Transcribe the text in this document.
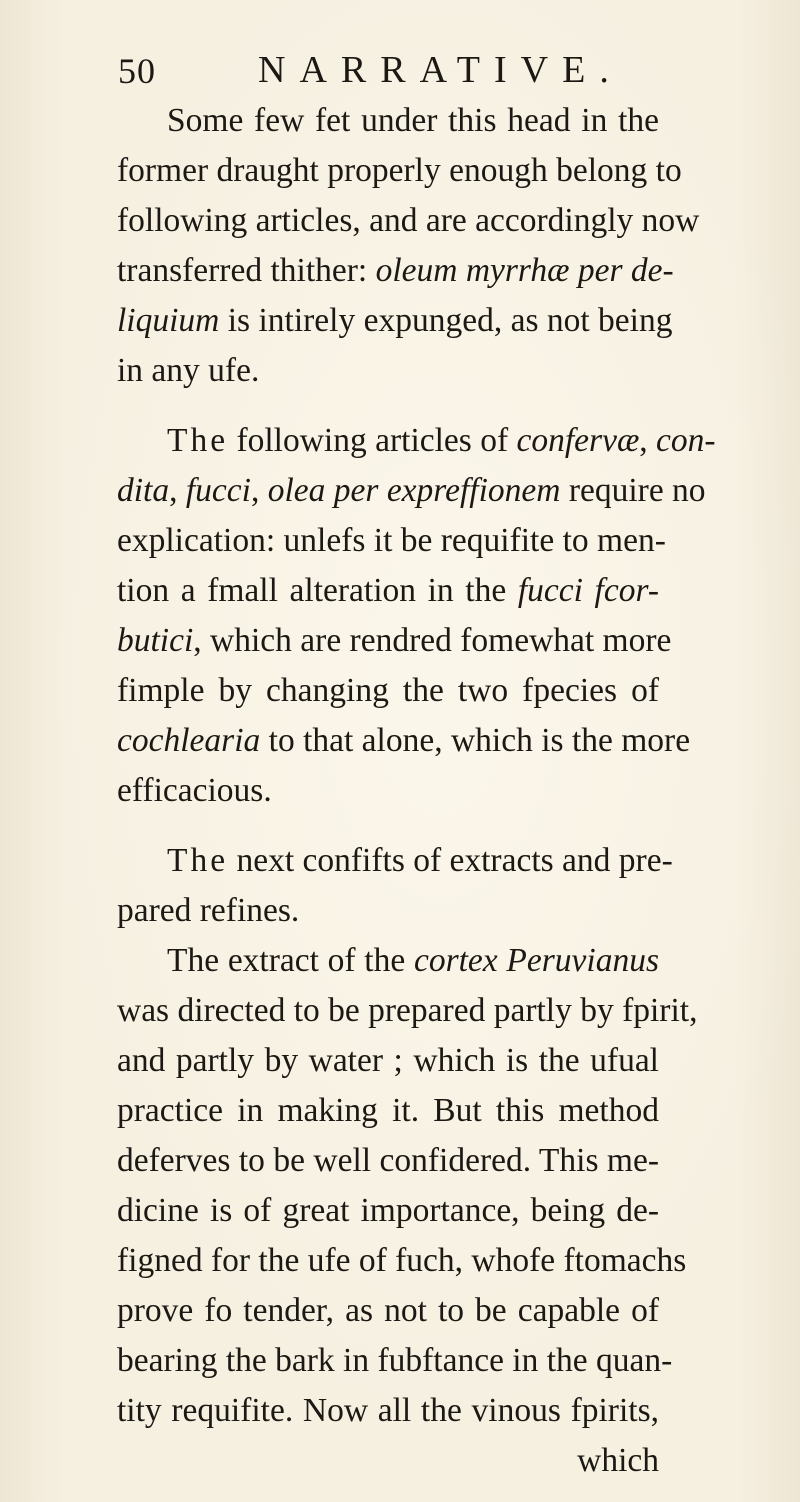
50	NARRATIVE.
Some few fet under this head in the
former draught properly enough belong to
following articles, and are accordingly now
transferred thither: oleum myrrhæ per de-
liquium is intirely expunged, as not being
in any ufe.
The following articles of confervæ, con-
dita, fucci, olea per expreffionem require no
explication: unlefs it be requifite to men-
tion a fmall alteration in the fucci fcor-
butici, which are rendred fomewhat more
fimple by changing the two fpecies of
cochlearia to that alone, which is the more
efficacious.
The next confifts of extracts and pre-
pared refines.
The extract of the cortex Peruvianus
was directed to be prepared partly by fpirit,
and partly by water ; which is the ufual
practice in making it. But this method
deferves to be well confidered. This me-
dicine is of great importance, being de-
figned for the ufe of fuch, whofe ftomachs
prove fo tender, as not to be capable of
bearing the bark in fubftance in the quan-
tity requifite. Now all the vinous fpirits,
which
